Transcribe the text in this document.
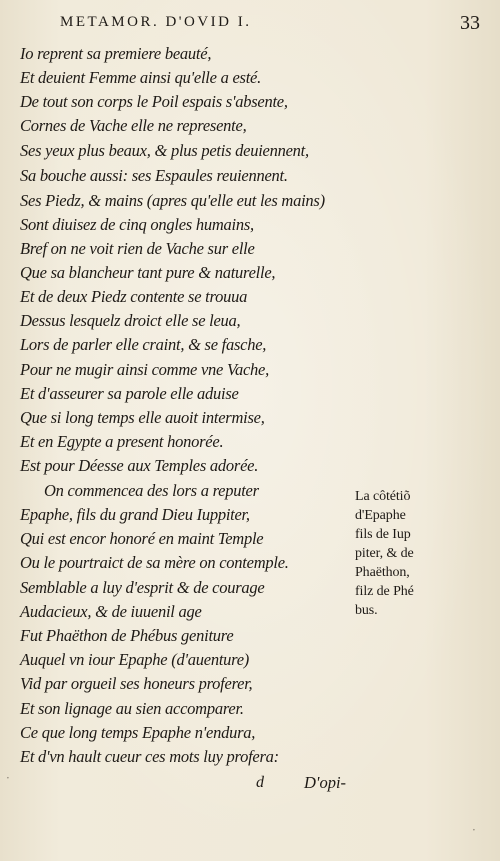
METAMOR. D'OVID I.	33
Io reprent sa premiere beauté,
Et deuient Femme ainsi qu'elle a esté.
De tout son corps le Poil espais s'absente,
Cornes de Vache elle ne represente,
Ses yeux plus beaux, & plus petis deuiennent,
Sa bouche aussi: ses Espaules reuiennent.
Ses Piedz, & mains (apres qu'elle eut les mains)
Sont diuisez de cinq ongles humains,
Bref on ne voit rien de Vache sur elle
Que sa blancheur tant pure & naturelle,
Et de deux Piedz contente se trouua
Dessus lesquelz droict elle se leua,
Lors de parler elle craint, & se fasche,
Pour ne mugir ainsi comme vne Vache,
Et d'asseurer sa parole elle aduise
Que si long temps elle auoit intermise,
Et en Egypte a present honorée.
Est pour Déesse aux Temples adorée.
On commencea des lors a reputer
Epaphe, fils du grand Dieu Iuppiter,
Qui est encor honoré en maint Temple
Ou le pourtraict de sa mère on contemple.
Semblable a luy d'esprit & de courage
Audacieux, & de iuuenil age
Fut Phaëthon de Phébus geniture
Auquel vn iour Epaphe (d'auenture)
Vid par orgueil ses honeurs proferer,
Et son lignage au sien accomparer.
Ce que long temps Epaphe n'endura,
Et d'vn hault cueur ces mots luy profera:
La côtétiõ
d'Epaphe
fils de Iup
piter, & de
Phaëthon,
filz de Phé
bus.
d D'opi-
·
·
